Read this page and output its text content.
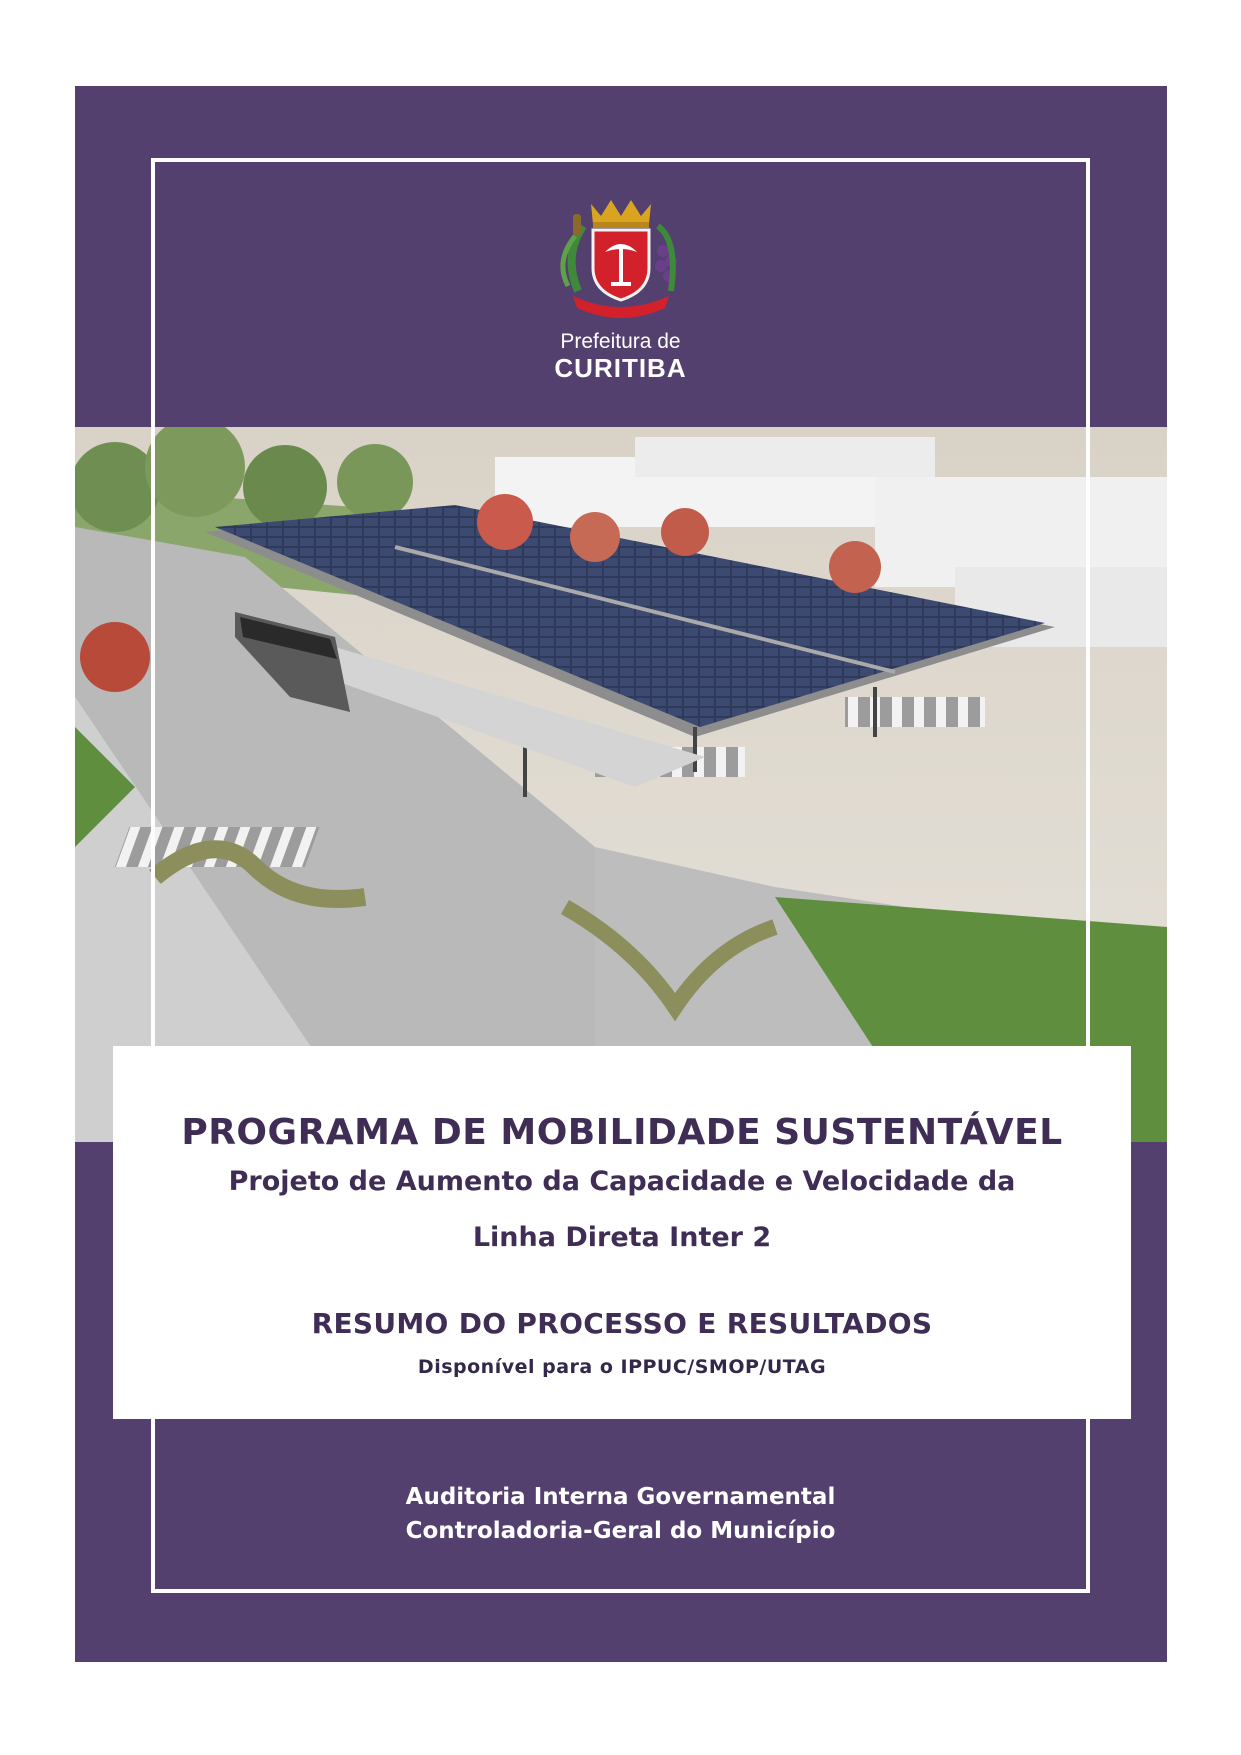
Prefeitura de
CURITIBA
PROGRAMA DE MOBILIDADE SUSTENTÁVEL
Projeto de Aumento da Capacidade e Velocidade da
Linha Direta Inter 2
RESUMO DO PROCESSO E RESULTADOS
Disponível para o IPPUC/SMOP/UTAG
Auditoria Interna Governamental
Controladoria-Geral do Município
